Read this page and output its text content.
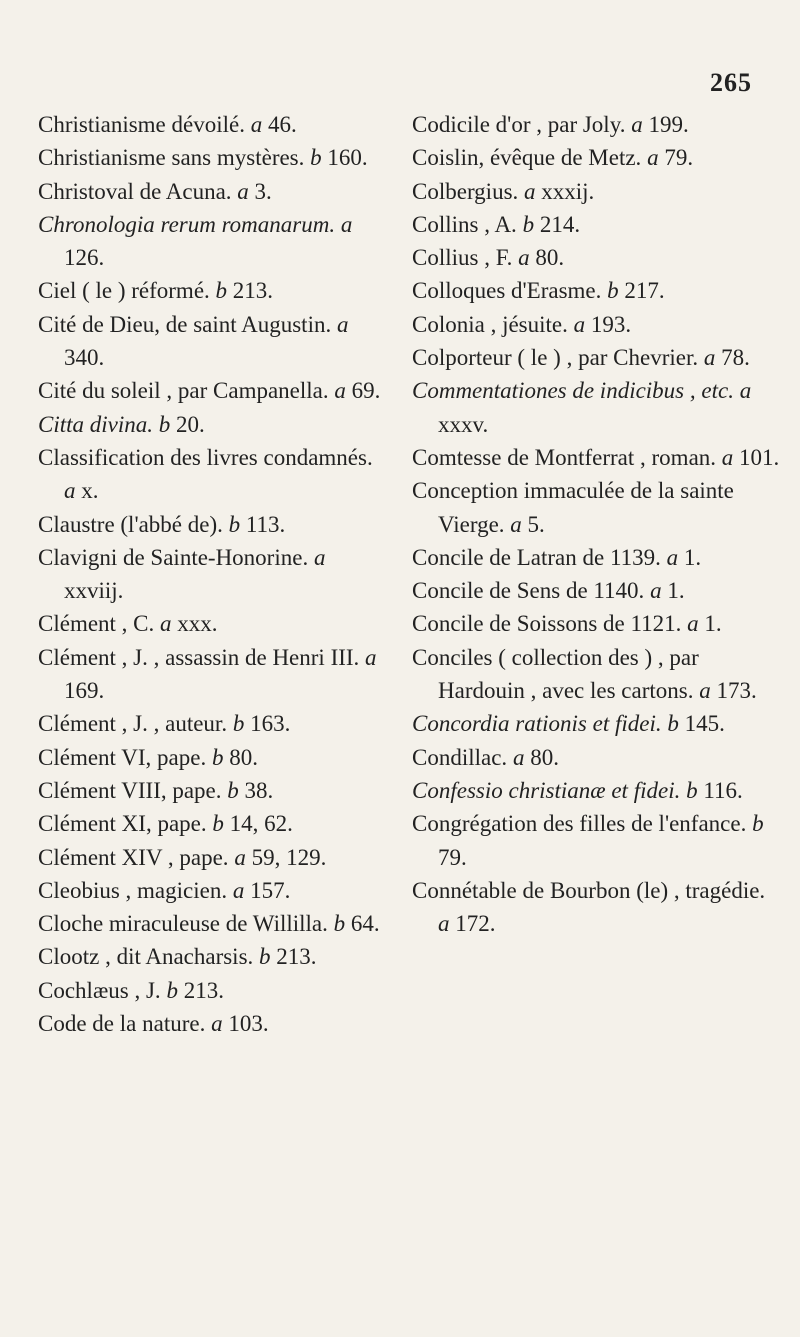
265

Christianisme dévoilé. a 46.

Christianisme sans mystères. b 160.

Christoval de Acuna. a 3.

Chronologia rerum romanarum. a 126.

Ciel ( le ) réformé. b 213.

Cité de Dieu, de saint Augustin. a 340.

Cité du soleil , par Campanella. a 69.

Citta divina. b 20.

Classification des livres condamnés. a x.

Claustre (l'abbé de). b 113.

Clavigni de Sainte-Honorine. a xxviij.

Clément , C. a xxx.

Clément , J. , assassin de Henri III. a 169.

Clément , J. , auteur. b 163.

Clément VI, pape. b 80.

Clément VIII, pape. b 38.

Clément XI, pape. b 14, 62.

Clément XIV , pape. a 59, 129.

Cleobius , magicien. a 157.

Cloche miraculeuse de Willilla. b 64.

Clootz , dit Anacharsis. b 213.

Cochlæus , J. b 213.

Code de la nature. a 103.

Codicile d'or , par Joly. a 199.

Coislin, évêque de Metz. a 79.

Colbergius. a xxxij.

Collins , A. b 214.

Collius , F. a 80.

Colloques d'Erasme. b 217.

Colonia , jésuite. a 193.

Colporteur ( le ) , par Chevrier. a 78.

Commentationes de indicibus , etc. a xxxv.

Comtesse de Montferrat , roman. a 101.

Conception immaculée de la sainte Vierge. a 5.

Concile de Latran de 1139. a 1.

Concile de Sens de 1140. a 1.

Concile de Soissons de 1121. a 1.

Conciles ( collection des ) , par Hardouin , avec les cartons. a 173.

Concordia rationis et fidei. b 145.

Condillac. a 80.

Confessio christianæ et fidei. b 116.

Congrégation des filles de l'enfance. b 79.

Connétable de Bourbon (le) , tragédie. a 172.
